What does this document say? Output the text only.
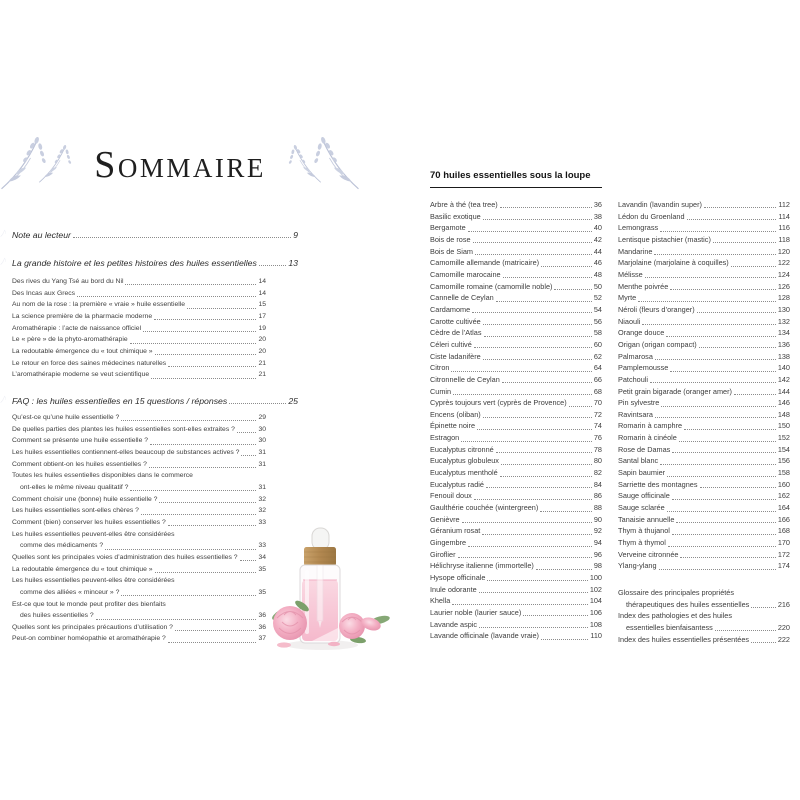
Sommaire
Note au lecteur	9
La grande histoire et les petites histoires des huiles essentielles	13
Des rives du Yang Tsé au bord du Nil	14
Des Incas aux Grecs	14
Au nom de la rose : la première « vraie » huile essentielle	15
La science première de la pharmacie moderne	17
Aromathérapie : l’acte de naissance officiel	19
Le « père » de la phyto-aromathérapie	20
La redoutable émergence du « tout chimique »	20
Le retour en force des saines médecines naturelles	21
L’aromathérapie moderne se veut scientifique	21
FAQ : les huiles essentielles en 15 questions / réponses	25
Qu’est-ce qu’une huile essentielle ?	29
De quelles parties des plantes les huiles essentielles sont-elles extraites ?	30
Comment se présente une huile essentielle ?	30
Les huiles essentielles contiennent-elles beaucoup de substances actives ?	31
Comment obtient-on les huiles essentielles ?	31
Toutes les huiles essentielles disponibles dans le commerce
ont-elles le même niveau qualitatif ?	31
Comment choisir une (bonne) huile essentielle ?	32
Les huiles essentielles sont-elles chères ?	32
Comment (bien) conserver les huiles essentielles ?	33
Les huiles essentielles peuvent-elles être considérées
comme des médicaments ?	33
Quelles sont les principales voies d’administration des huiles essentielles ?	34
La redoutable émergence du « tout chimique »	35
Les huiles essentielles peuvent-elles être considérées
comme des alliées « minceur » ?	35
Est-ce que tout le monde peut profiter des bienfaits
des huiles essentielles ?	36
Quelles sont les principales précautions d’utilisation ?	36
Peut-on combiner homéopathie et aromathérapie ?	37
70 huiles essentielles sous la loupe
Arbre à thé (tea tree)	36
Basilic exotique	38
Bergamote	40
Bois de rose	42
Bois de Siam	44
Camomille allemande (matricaire)	46
Camomille marocaine	48
Camomille romaine (camomille noble)	50
Cannelle de Ceylan	52
Cardamome	54
Carotte cultivée	56
Cèdre de l’Atlas	58
Céleri cultivé	60
Ciste ladanifère	62
Citron	64
Citronnelle de Ceylan	66
Cumin	68
Cyprès toujours vert (cyprès de Provence)	70
Encens (oliban)	72
Épinette noire	74
Estragon	76
Eucalyptus citronné	78
Eucalyptus globuleux	80
Eucalyptus mentholé	82
Eucalyptus radié	84
Fenouil doux	86
Gaulthérie couchée (wintergreen)	88
Genièvre	90
Géranium rosat	92
Gingembre	94
Giroflier	96
Hélichryse italienne (immortelle)	98
Hysope officinale	100
Inule odorante	102
Khella	104
Laurier noble (laurier sauce)	106
Lavande aspic	108
Lavande officinale (lavande vraie)	110
Lavandin (lavandin super)	112
Lédon du Groenland	114
Lemongrass	116
Lentisque pistachier (mastic)	118
Mandarine	120
Marjolaine (marjolaine à coquilles)	122
Mélisse	124
Menthe poivrée	126
Myrte	128
Néroli (fleurs d’oranger)	130
Niaouli	132
Orange douce	134
Origan (origan compact)	136
Palmarosa	138
Pamplemousse	140
Patchouli	142
Petit grain bigarade (oranger amer)	144
Pin sylvestre	146
Ravintsara	148
Romarin à camphre	150
Romarin à cinéole	152
Rose de Damas	154
Santal blanc	156
Sapin baumier	158
Sarriette des montagnes	160
Sauge officinale	162
Sauge sclarée	164
Tanaisie annuelle	166
Thym à thujanol	168
Thym à thymol	170
Verveine citronnée	172
Ylang-ylang	174
Glossaire des principales propriétés
thérapeutiques des huiles essentielles	216
Index des pathologies et des huiles
essentielles bienfaisantess	220
Index des huiles essentielles présentées	222
